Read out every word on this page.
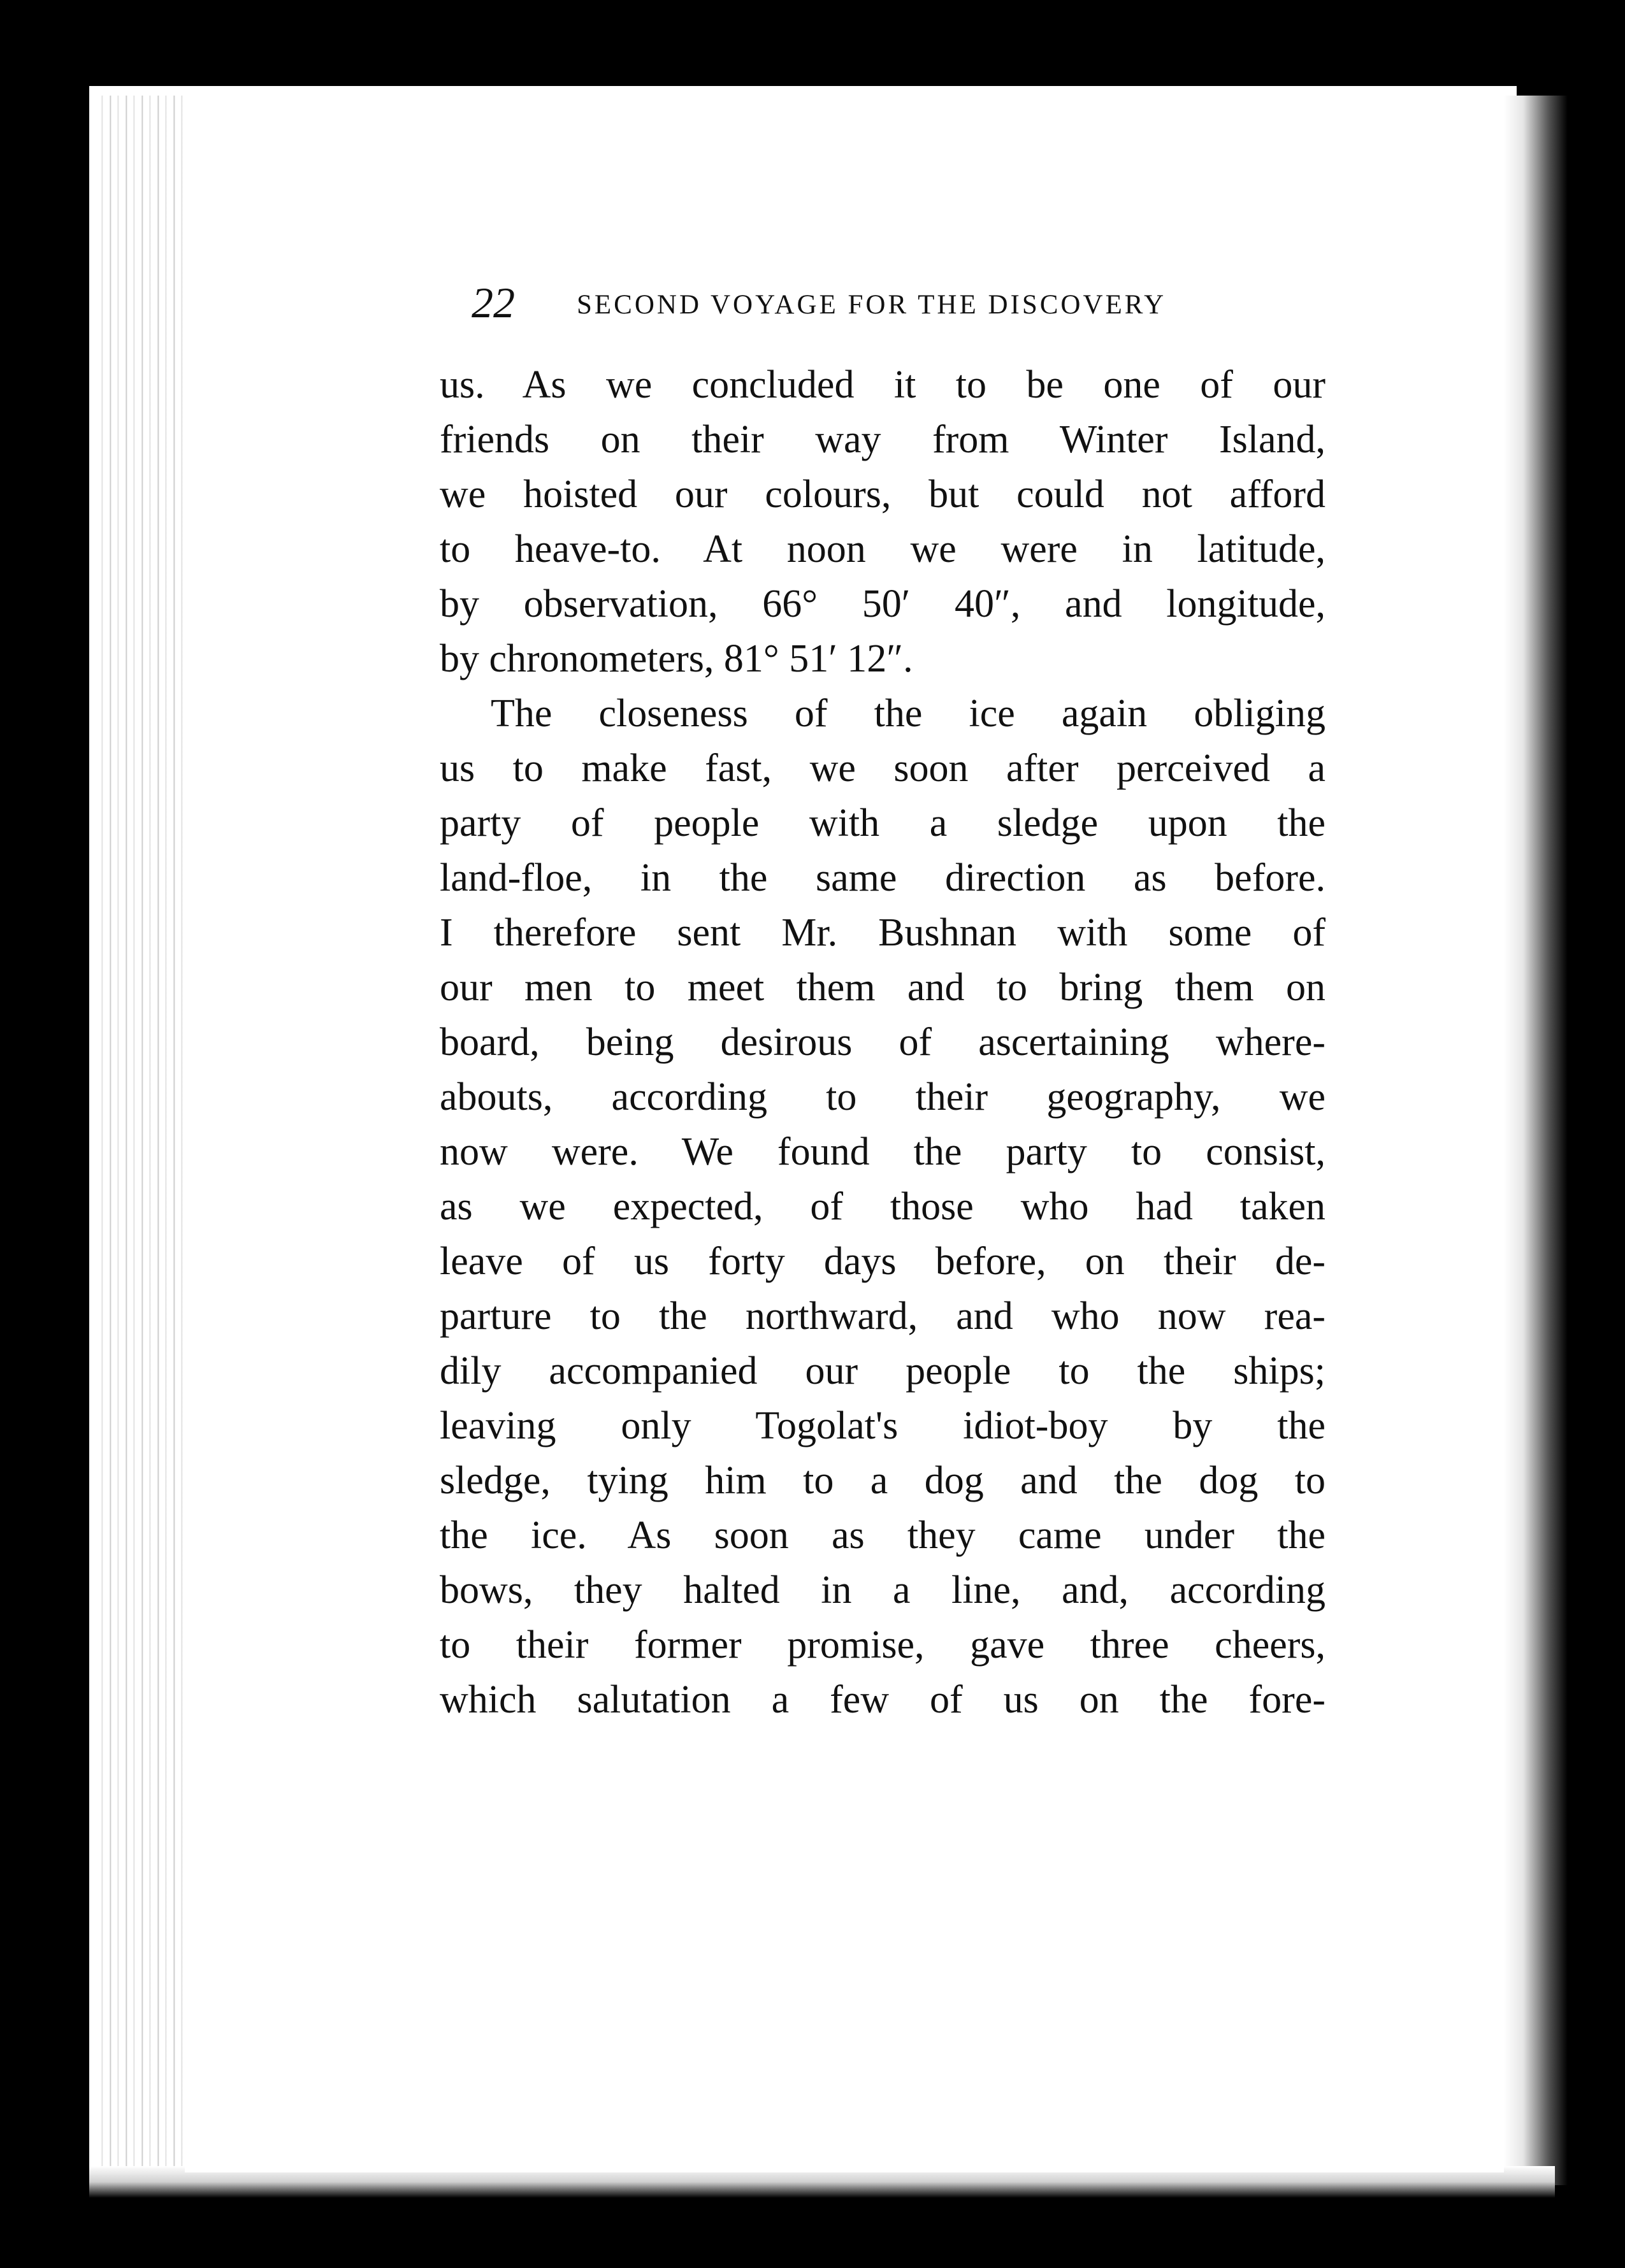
22 SECOND VOYAGE FOR THE DISCOVERY
us. As we concluded it to be one of our
friends on their way from Winter Island,
we hoisted our colours, but could not afford
to heave-to. At noon we were in latitude,
by observation, 66° 50′ 40″, and longitude,
by chronometers, 81° 51′ 12″.
The closeness of the ice again obliging
us to make fast, we soon after perceived a
party of people with a sledge upon the
land-floe, in the same direction as before.
I therefore sent Mr. Bushnan with some of
our men to meet them and to bring them on
board, being desirous of ascertaining where-
abouts, according to their geography, we
now were. We found the party to consist,
as we expected, of those who had taken
leave of us forty days before, on their de-
parture to the northward, and who now rea-
dily accompanied our people to the ships;
leaving only Togolat's idiot-boy by the
sledge, tying him to a dog and the dog to
the ice. As soon as they came under the
bows, they halted in a line, and, according
to their former promise, gave three cheers,
which salutation a few of us on the fore-
